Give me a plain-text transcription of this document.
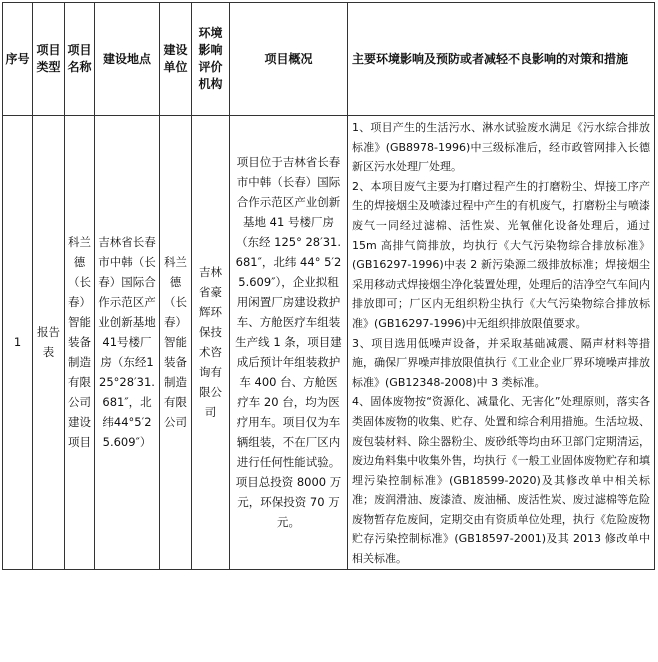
序号	项目类型	项目名称	建设地点	建设单位	环境影响评价机构	项目概况	主要环境影响及预防或者减轻不良影响的对策和措施
1	报告表	科兰德（长春）智能装备制造有限公司建设项目	吉林省长春市中韩（长春）国际合作示范区产业创新基地41号楼厂房（东经125°28′31.681″，北纬44°5′25.609″）	科兰德（长春）智能装备制造有限公司	吉林省豪辉环保技术咨询有限公司	项目位于吉林省长春市中韩（长春）国际合作示范区产业创新基地 41 号楼厂房（东经 125° 28′31.681″，北纬 44° 5′25.609″），企业拟租用闲置厂房建设救护车、方舱医疗车组装生产线 1 条，项目建成后预计年组装救护车 400 台、方舱医疗车 20 台，均为医疗用车。项目仅为车辆组装，不在厂区内进行任何性能试验。项目总投资 8000 万元，环保投资 70 万元。	1、项目产生的生活污水、淋水试验废水满足《污水综合排放标准》(GB8978-1996)中三级标准后，经市政管网排入长德新区污水处理厂处理。
2、本项目废气主要为打磨过程产生的打磨粉尘、焊接工序产生的焊接烟尘及喷漆过程中产生的有机废气，打磨粉尘与喷漆废气一同经过滤棉、活性炭、光氧催化设备处理后，通过 15m 高排气筒排放，均执行《大气污染物综合排放标准》(GB16297-1996)中表 2 新污染源二级排放标准；焊接烟尘采用移动式焊接烟尘净化装置处理，处理后的洁净空气车间内排放即可；厂区内无组织粉尘执行《大气污染物综合排放标准》(GB16297-1996)中无组织排放限值要求。
3、项目选用低噪声设备，并采取基础减震、隔声材料等措施，确保厂界噪声排放限值执行《工业企业厂界环境噪声排放标准》(GB12348-2008)中 3 类标准。
4、固体废物按“资源化、减量化、无害化”处理原则，落实各类固体废物的收集、贮存、处置和综合利用措施。生活垃圾、废包装材料、除尘器粉尘、废砂纸等均由环卫部门定期清运，废边角料集中收集外售，均执行《一般工业固体废物贮存和填埋污染控制标准》(GB18599-2020)及其修改单中相关标准；废润滑油、废漆渣、废油桶、废活性炭、废过滤棉等危险废物暂存危废间，定期交由有资质单位处理，执行《危险废物贮存污染控制标准》(GB18597-2001)及其 2013 修改单中相关标准。
